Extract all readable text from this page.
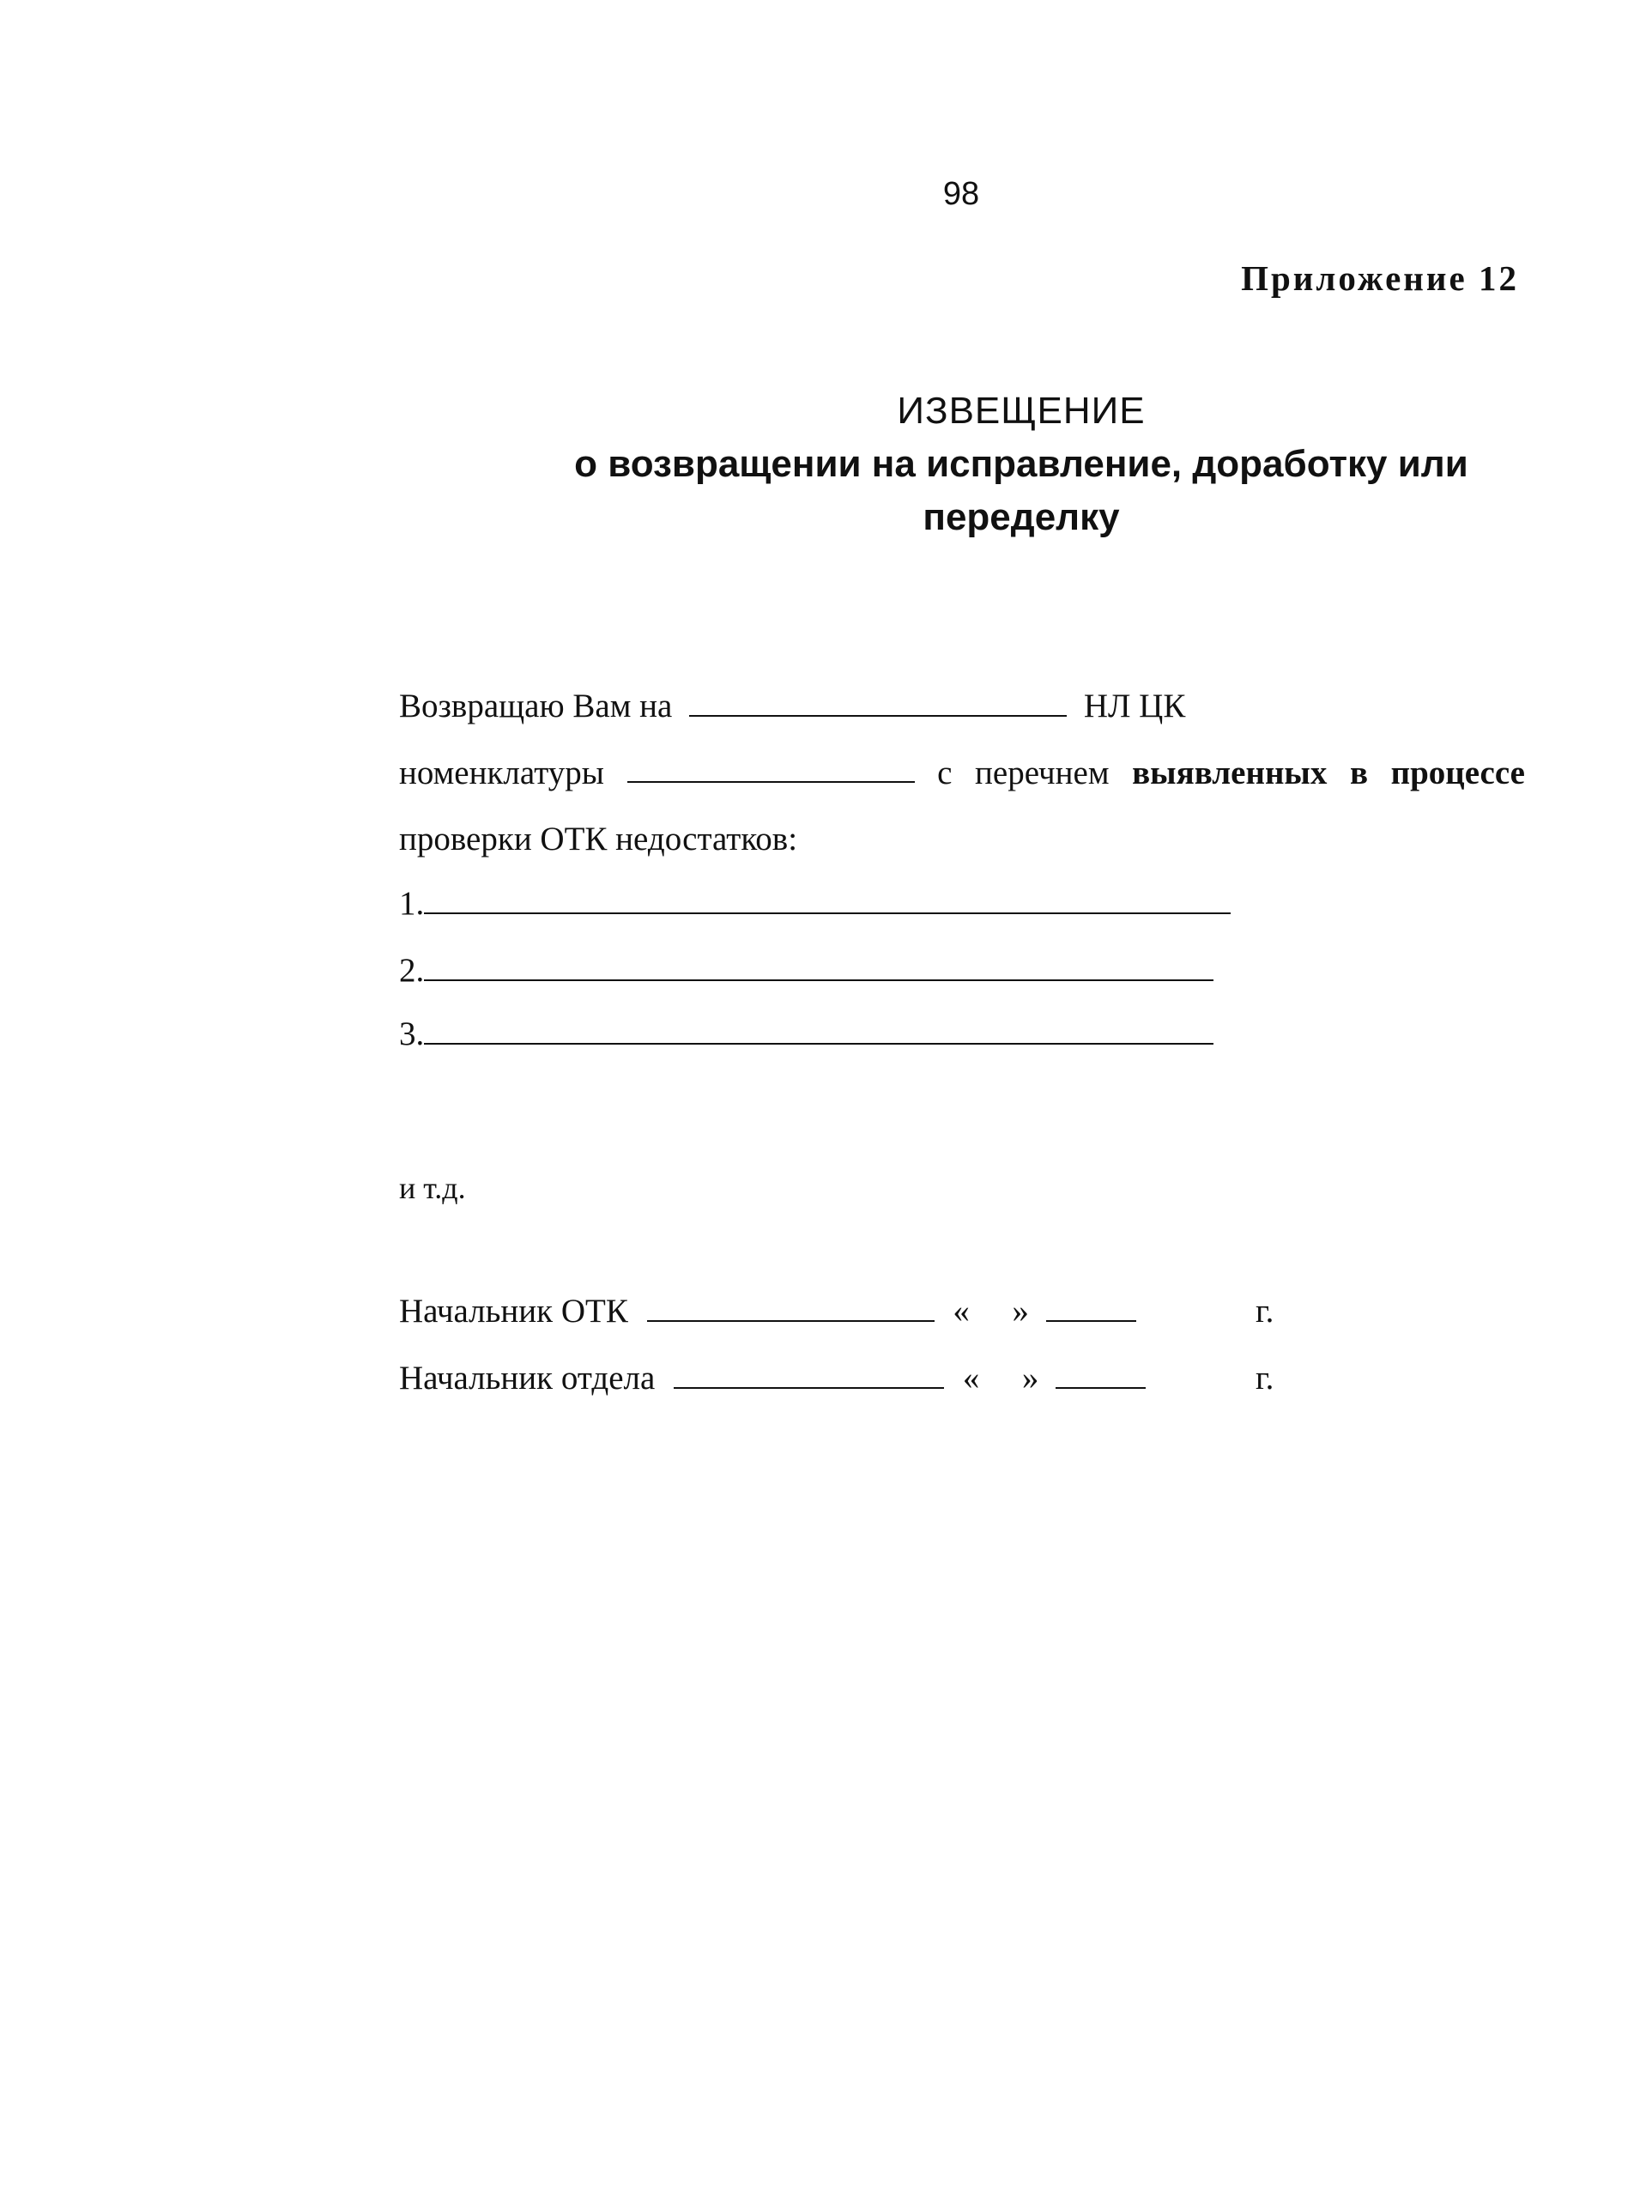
98
Приложение 12
ИЗВЕЩЕНИЕ
о возвращении на исправление, доработку или переделку
Возвращаю Вам на	НЛ ЦК
номенклатуры	с перечнем выявленных в процессе
проверки ОТК недостатков:
1.
2.
3.
и т.д.
Начальник ОТК	« »	г.
Начальник отдела	« »	г.
